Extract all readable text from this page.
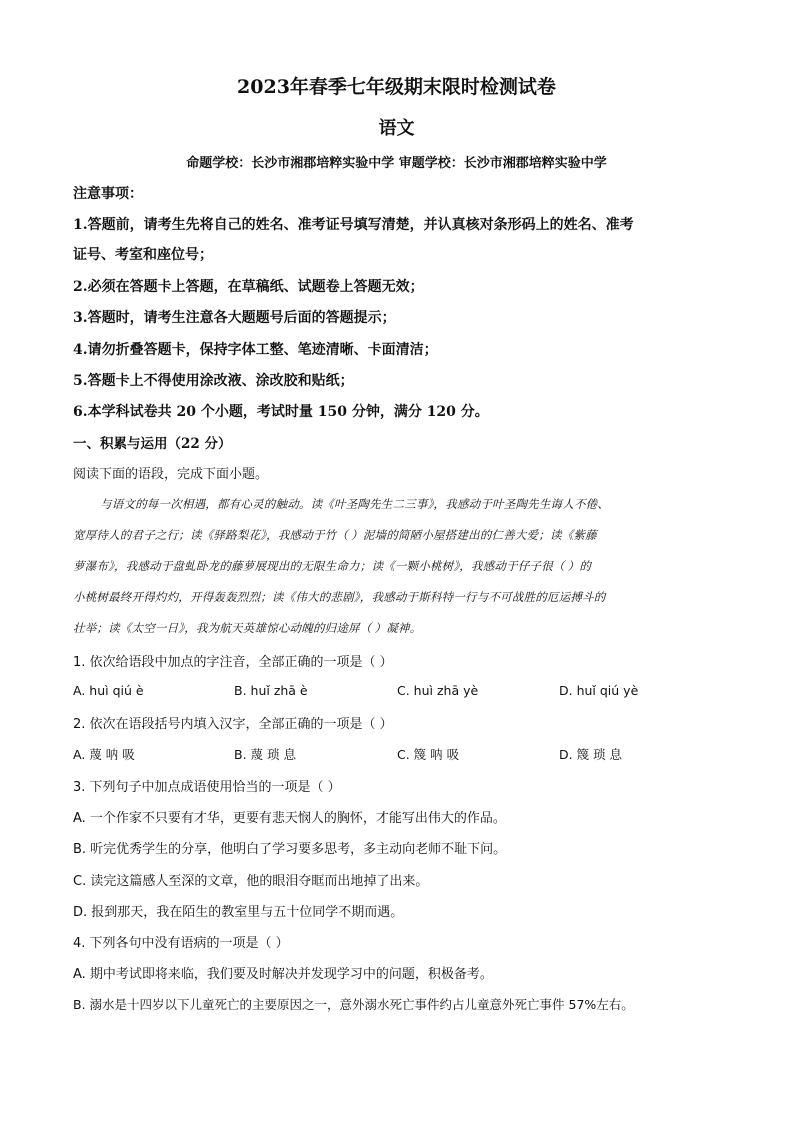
2023年春季七年级期末限时检测试卷
语文
命题学校：长沙市湘郡培粹实验中学 审题学校：长沙市湘郡培粹实验中学
注意事项：
1.答题前，请考生先将自己的姓名、准考证号填写清楚，并认真核对条形码上的姓名、准考
证号、考室和座位号；
2.必须在答题卡上答题，在草稿纸、试题卷上答题无效；
3.答题时，请考生注意各大题题号后面的答题提示；
4.请勿折叠答题卡，保持字体工整、笔迹清晰、卡面清洁；
5.答题卡上不得使用涂改液、涂改胶和贴纸；
6.本学科试卷共 20 个小题，考试时量 150 分钟，满分 120 分。
一、积累与运用（22 分）
阅读下面的语段，完成下面小题。
与语文的每一次相遇，都有心灵的触动。读《叶圣陶先生二三事》，我感动于叶圣陶先生诲人不倦、
宽厚待人的君子之行；读《驿路梨花》，我感动于竹（ ）泥墙的简陋小屋搭建出的仁善大爱；读《紫藤
萝瀑布》，我感动于盘虬卧龙的藤萝展现出的无限生命力；读《一颗小桃树》，我感动于仔子很（ ）的
小桃树最终开得灼灼，开得轰轰烈烈；读《伟大的悲剧》，我感动于斯科特一行与不可战胜的厄运搏斗的
壮举；读《太空一日》，我为航天英雄惊心动魄的归途屏（ ）凝神。
1. 依次给语段中加点的字注音，全部正确的一项是（ ）
A. huì qiú è	B. huǐ zhā è	C. huì zhā yè	D. huǐ qiú yè
2. 依次在语段括号内填入汉字，全部正确的一项是（ ）
A. 蔑 呐 吸	B. 蔑 琐 息	C. 篾 呐 吸	D. 篾 琐 息
3. 下列句子中加点成语使用恰当的一项是（ ）
A. 一个作家不只要有才华，更要有悲天悯人的胸怀，才能写出伟大的作品。
B. 听完优秀学生的分享，他明白了学习要多思考，多主动向老师不耻下问。
C. 读完这篇感人至深的文章，他的眼泪夺眶而出地掉了出来。
D. 报到那天，我在陌生的教室里与五十位同学不期而遇。
4. 下列各句中没有语病的一项是（ ）
A. 期中考试即将来临，我们要及时解决并发现学习中的问题，积极备考。
B. 溺水是十四岁以下儿童死亡的主要原因之一，意外溺水死亡事件约占儿童意外死亡事件 57%左右。
